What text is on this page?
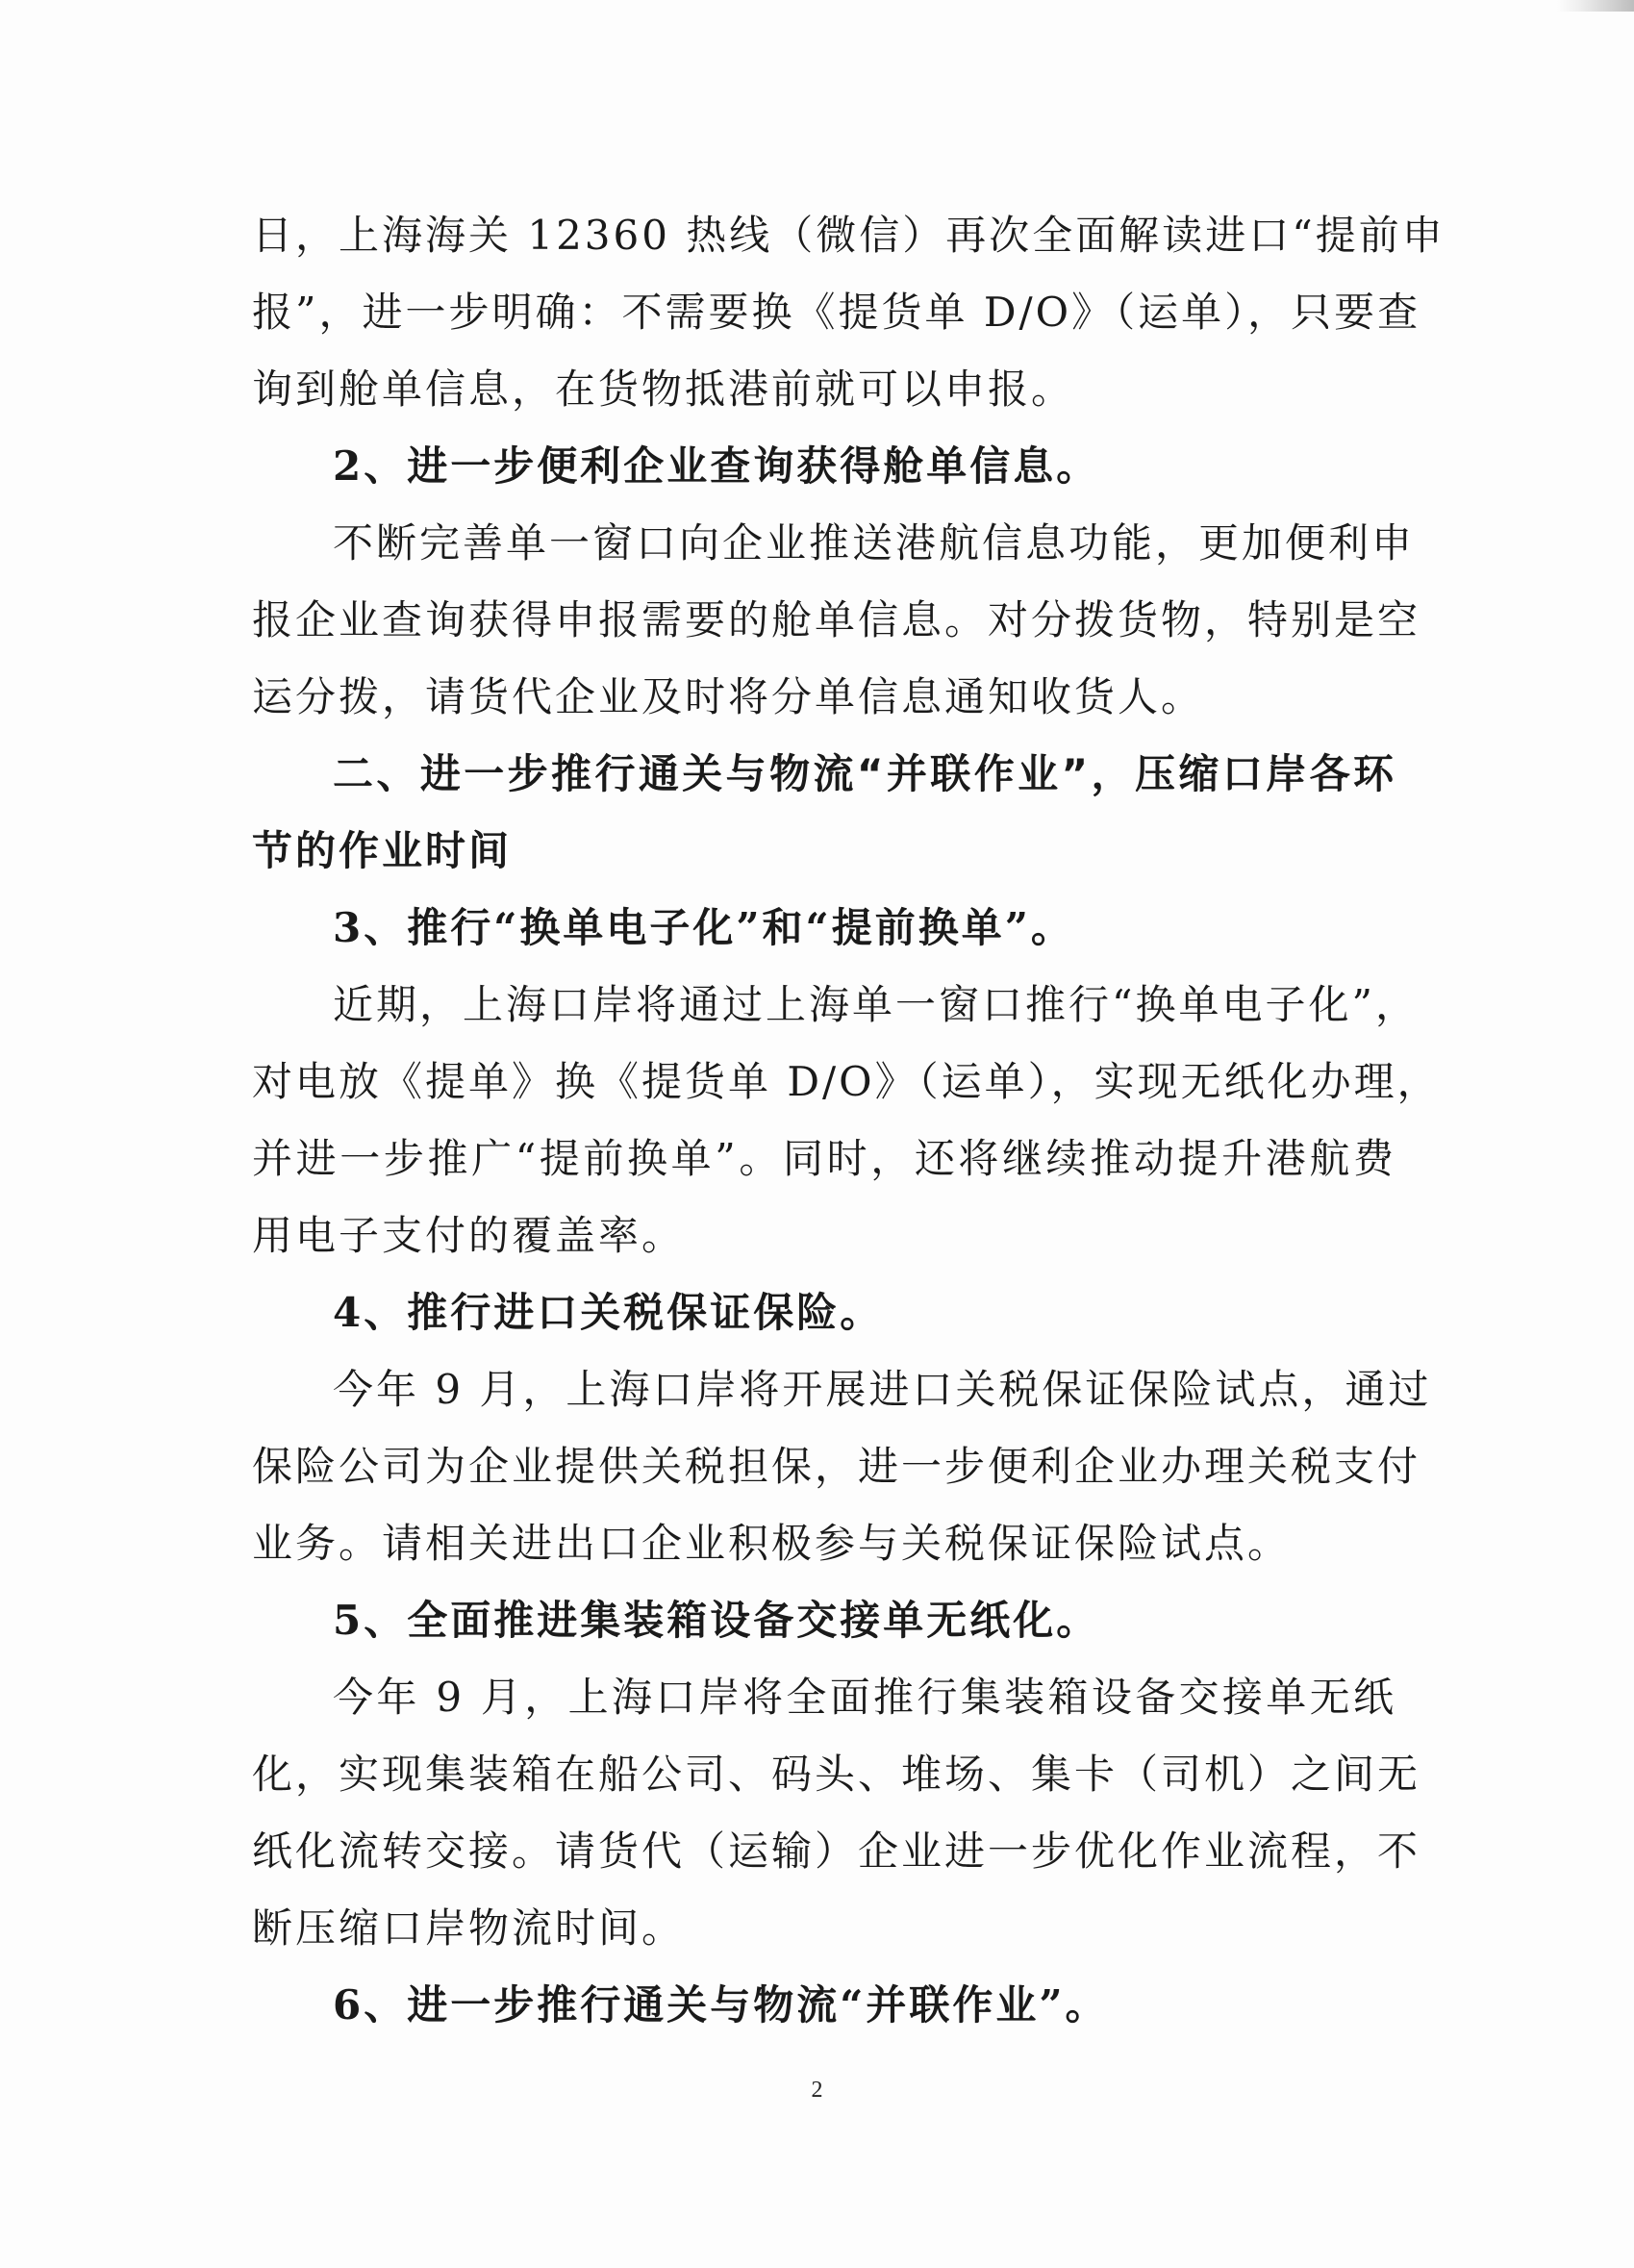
日，上海海关 12360 热线（微信）再次全面解读进口“提前申
报”，进一步明确：不需要换《提货单 D/O》（运单），只要查
询到舱单信息，在货物抵港前就可以申报。
2、进一步便利企业查询获得舱单信息。
不断完善单一窗口向企业推送港航信息功能，更加便利申
报企业查询获得申报需要的舱单信息。对分拨货物，特别是空
运分拨，请货代企业及时将分单信息通知收货人。
二、进一步推行通关与物流“并联作业”，压缩口岸各环
节的作业时间
3、推行“换单电子化”和“提前换单”。
近期，上海口岸将通过上海单一窗口推行“换单电子化”，
对电放《提单》换《提货单 D/O》（运单），实现无纸化办理，
并进一步推广“提前换单”。同时，还将继续推动提升港航费
用电子支付的覆盖率。
4、推行进口关税保证保险。
今年 9 月，上海口岸将开展进口关税保证保险试点，通过
保险公司为企业提供关税担保，进一步便利企业办理关税支付
业务。请相关进出口企业积极参与关税保证保险试点。
5、全面推进集装箱设备交接单无纸化。
今年 9 月，上海口岸将全面推行集装箱设备交接单无纸
化，实现集装箱在船公司、码头、堆场、集卡（司机）之间无
纸化流转交接。请货代（运输）企业进一步优化作业流程，不
断压缩口岸物流时间。
6、进一步推行通关与物流“并联作业”。
2
